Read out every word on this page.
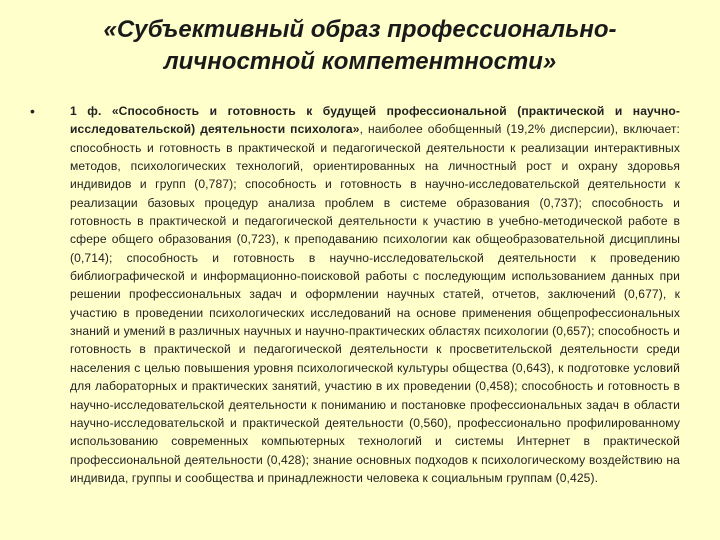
«Субъективный образ профессионально-личностной компетентности»
•	1 ф. «Способность и готовность к будущей профессиональной (практической и научно-исследовательской) деятельности психолога», наиболее обобщенный (19,2% дисперсии), включает: способность и готовность в практической и педагогической деятельности к реализации интерактивных методов, психологических технологий, ориентированных на личностный рост и охрану здоровья индивидов и групп (0,787); способность и готовность в научно-исследовательской деятельности к реализации базовых процедур анализа проблем в системе образования (0,737); способность и готовность в практической и педагогической деятельности к участию в учебно-методической работе в сфере общего образования (0,723), к преподаванию психологии как общеобразовательной дисциплины (0,714); способность и готовность в научно-исследовательской деятельности к проведению библиографической и информационно-поисковой работы с последующим использованием данных при решении профессиональных задач и оформлении научных статей, отчетов, заключений (0,677), к участию в проведении психологических исследований на основе применения общепрофессиональных знаний и умений в различных научных и научно-практических областях психологии (0,657); способность и готовность в практической и педагогической деятельности к просветительской деятельности среди населения с целью повышения уровня психологической культуры общества (0,643), к подготовке условий для лабораторных и практических занятий, участию в их проведении (0,458); способность и готовность в научно-исследовательской деятельности к пониманию и постановке профессиональных задач в области научно-исследовательской и практической деятельности (0,560), профессионально профилированному использованию современных компьютерных технологий и системы Интернет в практической профессиональной деятельности (0,428); знание основных подходов к психологическому воздействию на индивида, группы и сообщества и принадлежности человека к социальным группам (0,425).
